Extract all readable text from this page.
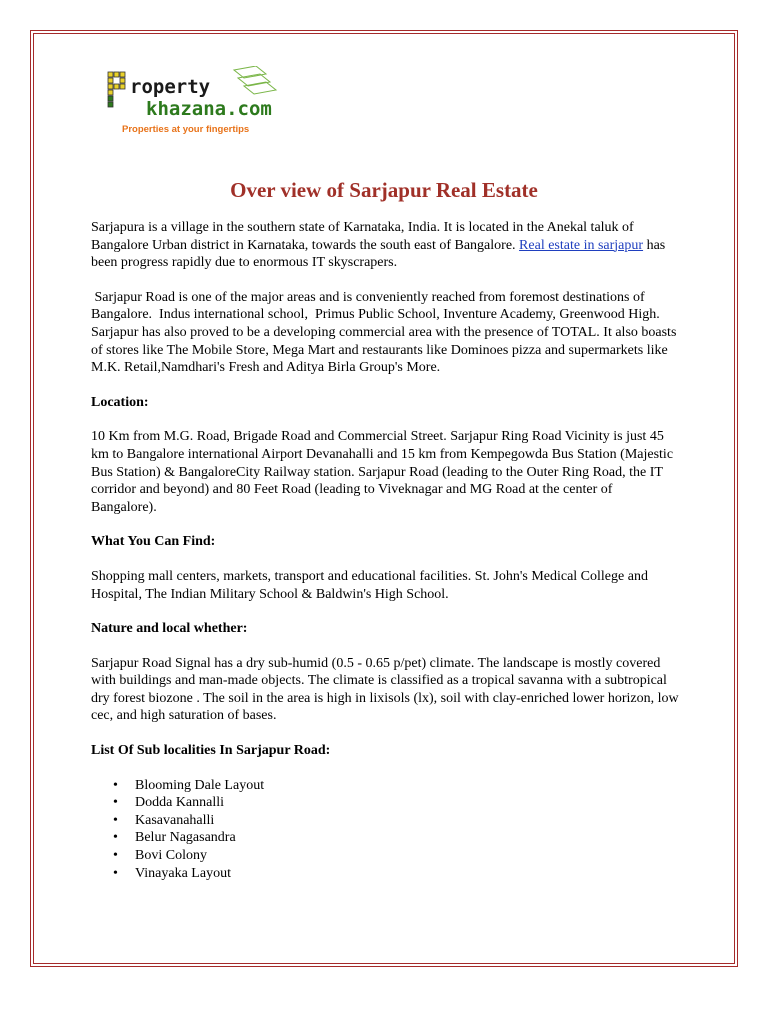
roperty
khazana.com
Properties at your fingertips
Over view of Sarjapur Real Estate

Sarjapura is a village in the southern state of Karnataka, India. It is located in the Anekal taluk of Bangalore Urban district in Karnataka, towards the south east of Bangalore. Real estate in sarjapur has been progress rapidly due to enormous IT skyscrapers.

Sarjapur Road is one of the major areas and is conveniently reached from foremost destinations of Bangalore.  Indus international school,  Primus Public School, Inventure Academy, Greenwood High. Sarjapur has also proved to be a developing commercial area with the presence of TOTAL. It also boasts of stores like The Mobile Store, Mega Mart and restaurants like Dominoes pizza and supermarkets like M.K. Retail,Namdhari's Fresh and Aditya Birla Group's More.

Location:

10 Km from M.G. Road, Brigade Road and Commercial Street. Sarjapur Ring Road Vicinity is just 45 km to Bangalore international Airport Devanahalli and 15 km from Kempegowda Bus Station (Majestic Bus Station) & BangaloreCity Railway station. Sarjapur Road (leading to the Outer Ring Road, the IT corridor and beyond) and 80 Feet Road (leading to Viveknagar and MG Road at the center of Bangalore).

What You Can Find:

Shopping mall centers, markets, transport and educational facilities. St. John's Medical College and Hospital, The Indian Military School & Baldwin's High School.

Nature and local whether:

Sarjapur Road Signal has a dry sub-humid (0.5 - 0.65 p/pet) climate. The landscape is mostly covered with buildings and man-made objects. The climate is classified as a tropical savanna with a subtropical dry forest biozone . The soil in the area is high in lixisols (lx), soil with clay-enriched lower horizon, low cec, and high saturation of bases.

List Of Sub localities In Sarjapur Road:
• Blooming Dale Layout
• Dodda Kannalli
• Kasavanahalli
• Belur Nagasandra
• Bovi Colony
• Vinayaka Layout
